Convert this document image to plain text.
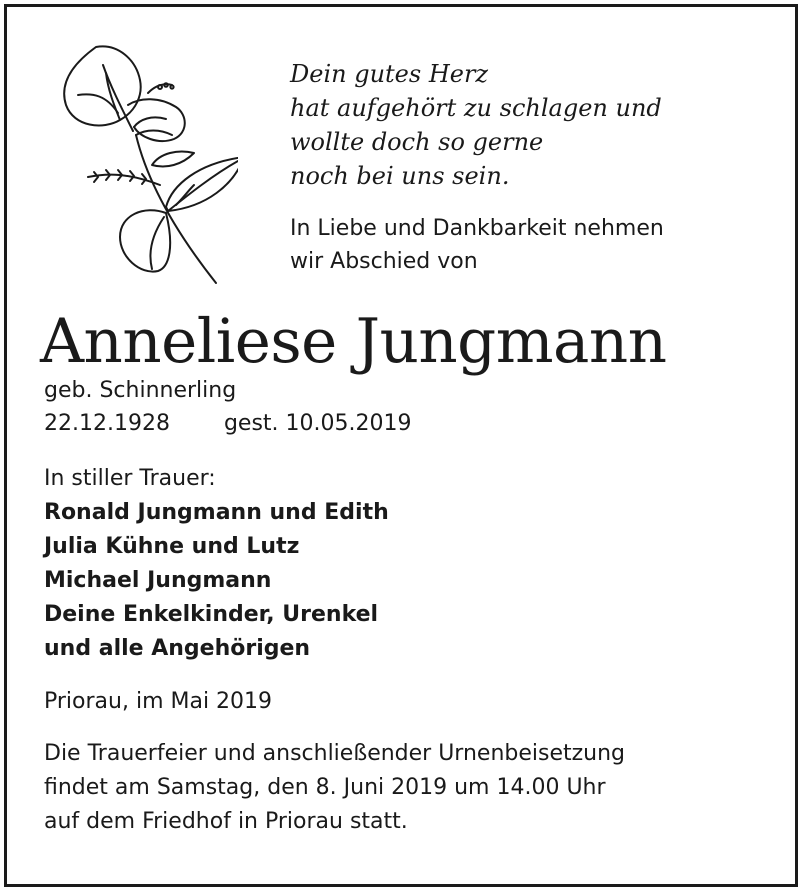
Dein gutes Herz
hat aufgehört zu schlagen und
wollte doch so gerne
noch bei uns sein.
In Liebe und Dankbarkeit nehmen
wir Abschied von
Anneliese Jungmann
geb. Schinnerling
22.12.1928 gest. 10.05.2019
In stiller Trauer:
Ronald Jungmann und Edith
Julia Kühne und Lutz
Michael Jungmann
Deine Enkelkinder, Urenkel
und alle Angehörigen
Priorau, im Mai 2019
Die Trauerfeier und anschließender Urnenbeisetzung
findet am Samstag, den 8. Juni 2019 um 14.00 Uhr
auf dem Friedhof in Priorau statt.
